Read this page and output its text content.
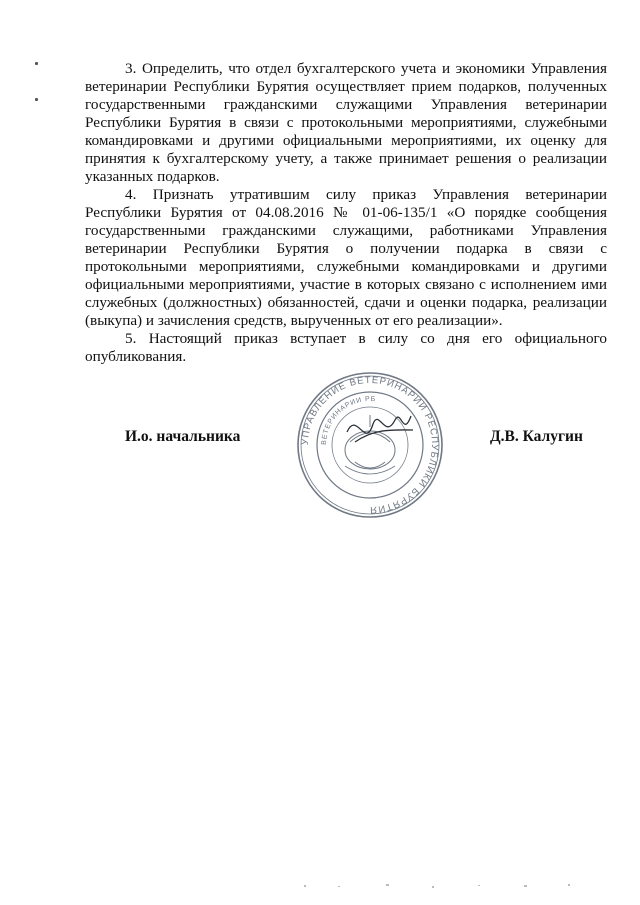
3. Определить, что отдел бухгалтерского учета и экономики Управления ветеринарии Республики Бурятия осуществляет прием подарков, полученных государственными гражданскими служащими Управления ветеринарии Республики Бурятия в связи с протокольными мероприятиями, служебными командировками и другими официальными мероприятиями, их оценку для принятия к бухгалтерскому учету, а также принимает решения о реализации указанных подарков.

4. Признать утратившим силу приказ Управления ветеринарии Республики Бурятия от 04.08.2016 № 01-06-135/1 «О порядке сообщения государственными гражданскими служащими, работниками Управления ветеринарии Республики Бурятия о получении подарка в связи с протокольными мероприятиями, служебными командировками и другими официальными мероприятиями, участие в которых связано с исполнением ими служебных (должностных) обязанностей, сдачи и оценки подарка, реализации (выкупа) и зачисления средств, вырученных от его реализации».

5. Настоящий приказ вступает в силу со дня его официального опубликования.

И.о. начальника	Д.В. Калугин
УПРАВЛЕНИЕ ВЕТЕРИНАРИИ РЕСПУБЛИКИ БУРЯТИЯ
ВЕТЕРИНАРИИ РБ
